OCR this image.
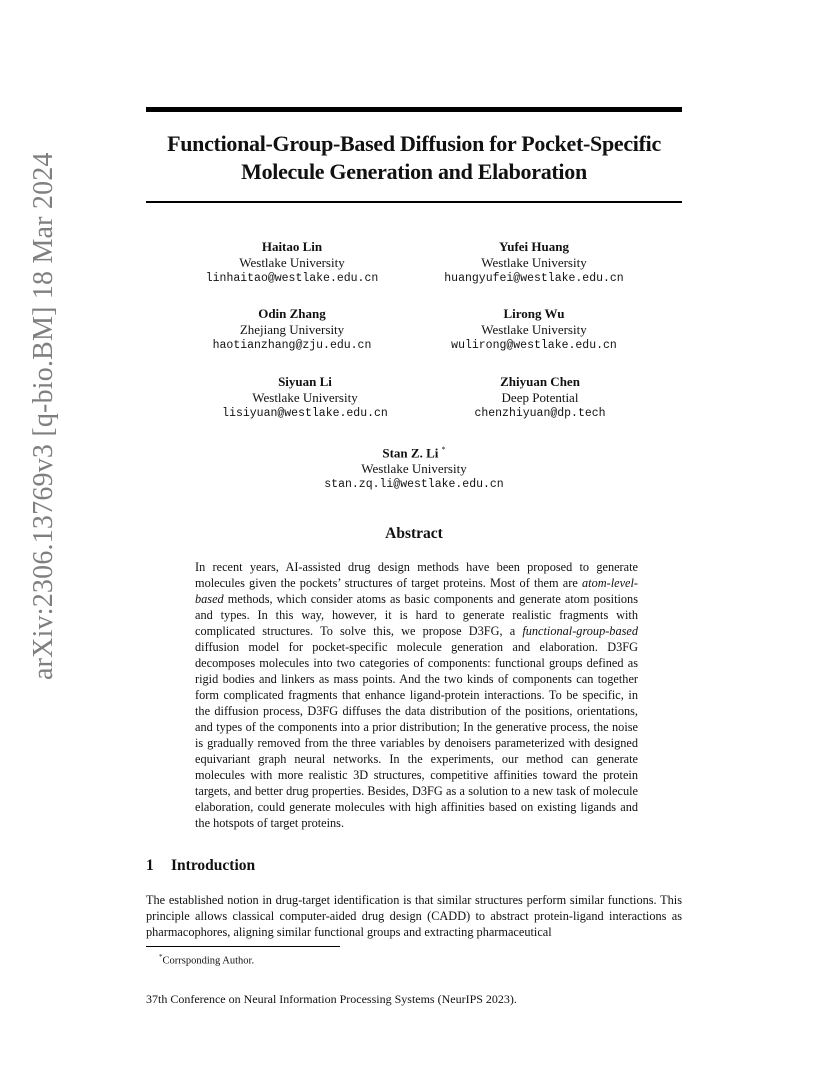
arXiv:2306.13769v3 [q-bio.BM] 18 Mar 2024
Functional-Group-Based Diffusion for Pocket-Specific
Molecule Generation and Elaboration
Haitao Lin
Westlake University
linhaitao@westlake.edu.cn
Yufei Huang
Westlake University
huangyufei@westlake.edu.cn
Odin Zhang
Zhejiang University
haotianzhang@zju.edu.cn
Lirong Wu
Westlake University
wulirong@westlake.edu.cn
Siyuan Li
Westlake University
lisiyuan@westlake.edu.cn
Zhiyuan Chen
Deep Potential
chenzhiyuan@dp.tech
Stan Z. Li *
Westlake University
stan.zq.li@westlake.edu.cn
Abstract
In recent years, AI-assisted drug design methods have been proposed to generate molecules given the pockets’ structures of target proteins. Most of them are atom-level-based methods, which consider atoms as basic components and generate atom positions and types. In this way, however, it is hard to generate realistic fragments with complicated structures. To solve this, we propose D3FG, a functional-group-based diffusion model for pocket-specific molecule generation and elaboration. D3FG decomposes molecules into two categories of components: functional groups defined as rigid bodies and linkers as mass points. And the two kinds of components can together form complicated fragments that enhance ligand-protein interactions. To be specific, in the diffusion process, D3FG diffuses the data distribution of the positions, orientations, and types of the components into a prior distribution; In the generative process, the noise is gradually removed from the three variables by denoisers parameterized with designed equivariant graph neural networks. In the experiments, our method can generate molecules with more realistic 3D structures, competitive affinities toward the protein targets, and better drug properties. Besides, D3FG as a solution to a new task of molecule elaboration, could generate molecules with high affinities based on existing ligands and the hotspots of target proteins.
1 Introduction
The established notion in drug-target identification is that similar structures perform similar functions. This principle allows classical computer-aided drug design (CADD) to abstract protein-ligand interactions as pharmacophores, aligning similar functional groups and extracting pharmaceutical
*Corrsponding Author.
37th Conference on Neural Information Processing Systems (NeurIPS 2023).
